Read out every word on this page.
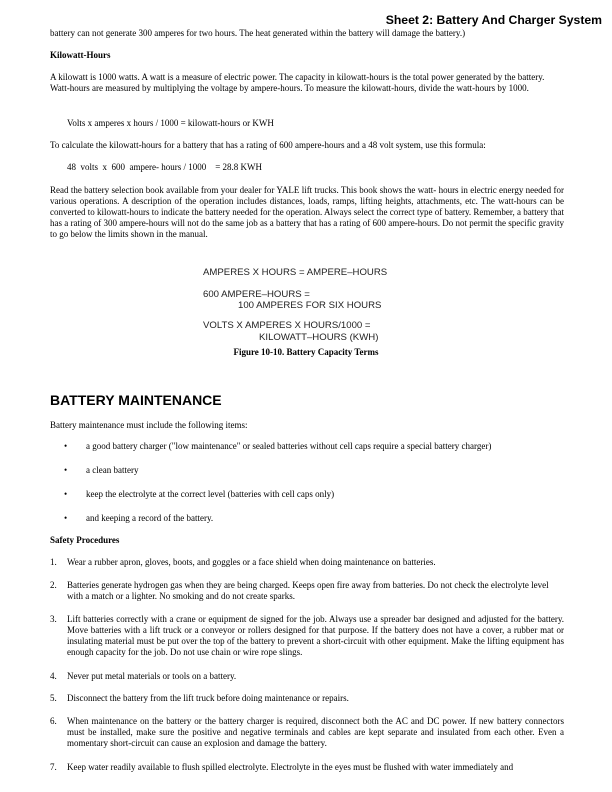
Sheet 2: Battery And Charger System
battery can not generate 300 amperes for two hours. The heat generated within the battery will damage the battery.)
Kilowatt-Hours
A kilowatt is 1000 watts. A watt is a measure of electric power. The capacity in kilowatt-hours is the total power generated by the battery. Watt-hours are measured by multiplying the voltage by ampere-hours. To measure the kilowatt-hours, divide the watt-hours by 1000.
Volts x amperes x hours / 1000 = kilowatt-hours or KWH
To calculate the kilowatt-hours for a battery that has a rating of 600 ampere-hours and a 48 volt system, use this formula:
48  volts  x  600  ampere- hours / 1000    = 28.8 KWH
Read the battery selection book available from your dealer for YALE lift trucks. This book shows the watt- hours in electric energy needed for various operations. A description of the operation includes distances, loads, ramps, lifting heights, attachments, etc. The watt-hours can be converted to kilowatt-hours to indicate the battery needed for the operation. Always select the correct type of battery. Remember, a battery that has a rating of 300 ampere-hours will not do the same job as a battery that has a rating of 600 ampere-hours. Do not permit the specific gravity to go below the limits shown in the manual.
AMPERES X HOURS = AMPERE–HOURS
600 AMPERE–HOURS =
100 AMPERES FOR SIX HOURS
VOLTS X AMPERES X HOURS/1000 =
KILOWATT–HOURS (KWH)
Figure 10-10. Battery Capacity Terms
BATTERY MAINTENANCE
Battery maintenance must include the following items:
• a good battery charger ("low maintenance" or sealed batteries without cell caps require a special battery charger)
• a clean battery
• keep the electrolyte at the correct level (batteries with cell caps only)
• and keeping a record of the battery.
Safety Procedures
1. Wear a rubber apron, gloves, boots, and goggles or a face shield when doing maintenance on batteries.
2. Batteries generate hydrogen gas when they are being charged. Keeps open fire away from batteries. Do not check the electrolyte level with a match or a lighter. No smoking and do not create sparks.
3. Lift batteries correctly with a crane or equipment de signed for the job. Always use a spreader bar designed and adjusted for the battery. Move batteries with a lift truck or a conveyor or rollers designed for that purpose. If the battery does not have a cover, a rubber mat or insulating material must be put over the top of the battery to prevent a short-circuit with other equipment. Make the lifting equipment has enough capacity for the job. Do not use chain or wire rope slings.
4. Never put metal materials or tools on a battery.
5. Disconnect the battery from the lift truck before doing maintenance or repairs.
6. When maintenance on the battery or the battery charger is required, disconnect both the AC and DC power. If new battery connectors must be installed, make sure the positive and negative terminals and cables are kept separate and insulated from each other. Even a momentary short-circuit can cause an explosion and damage the battery.
7. Keep water readily available to flush spilled electrolyte. Electrolyte in the eyes must be flushed with water immediately and
